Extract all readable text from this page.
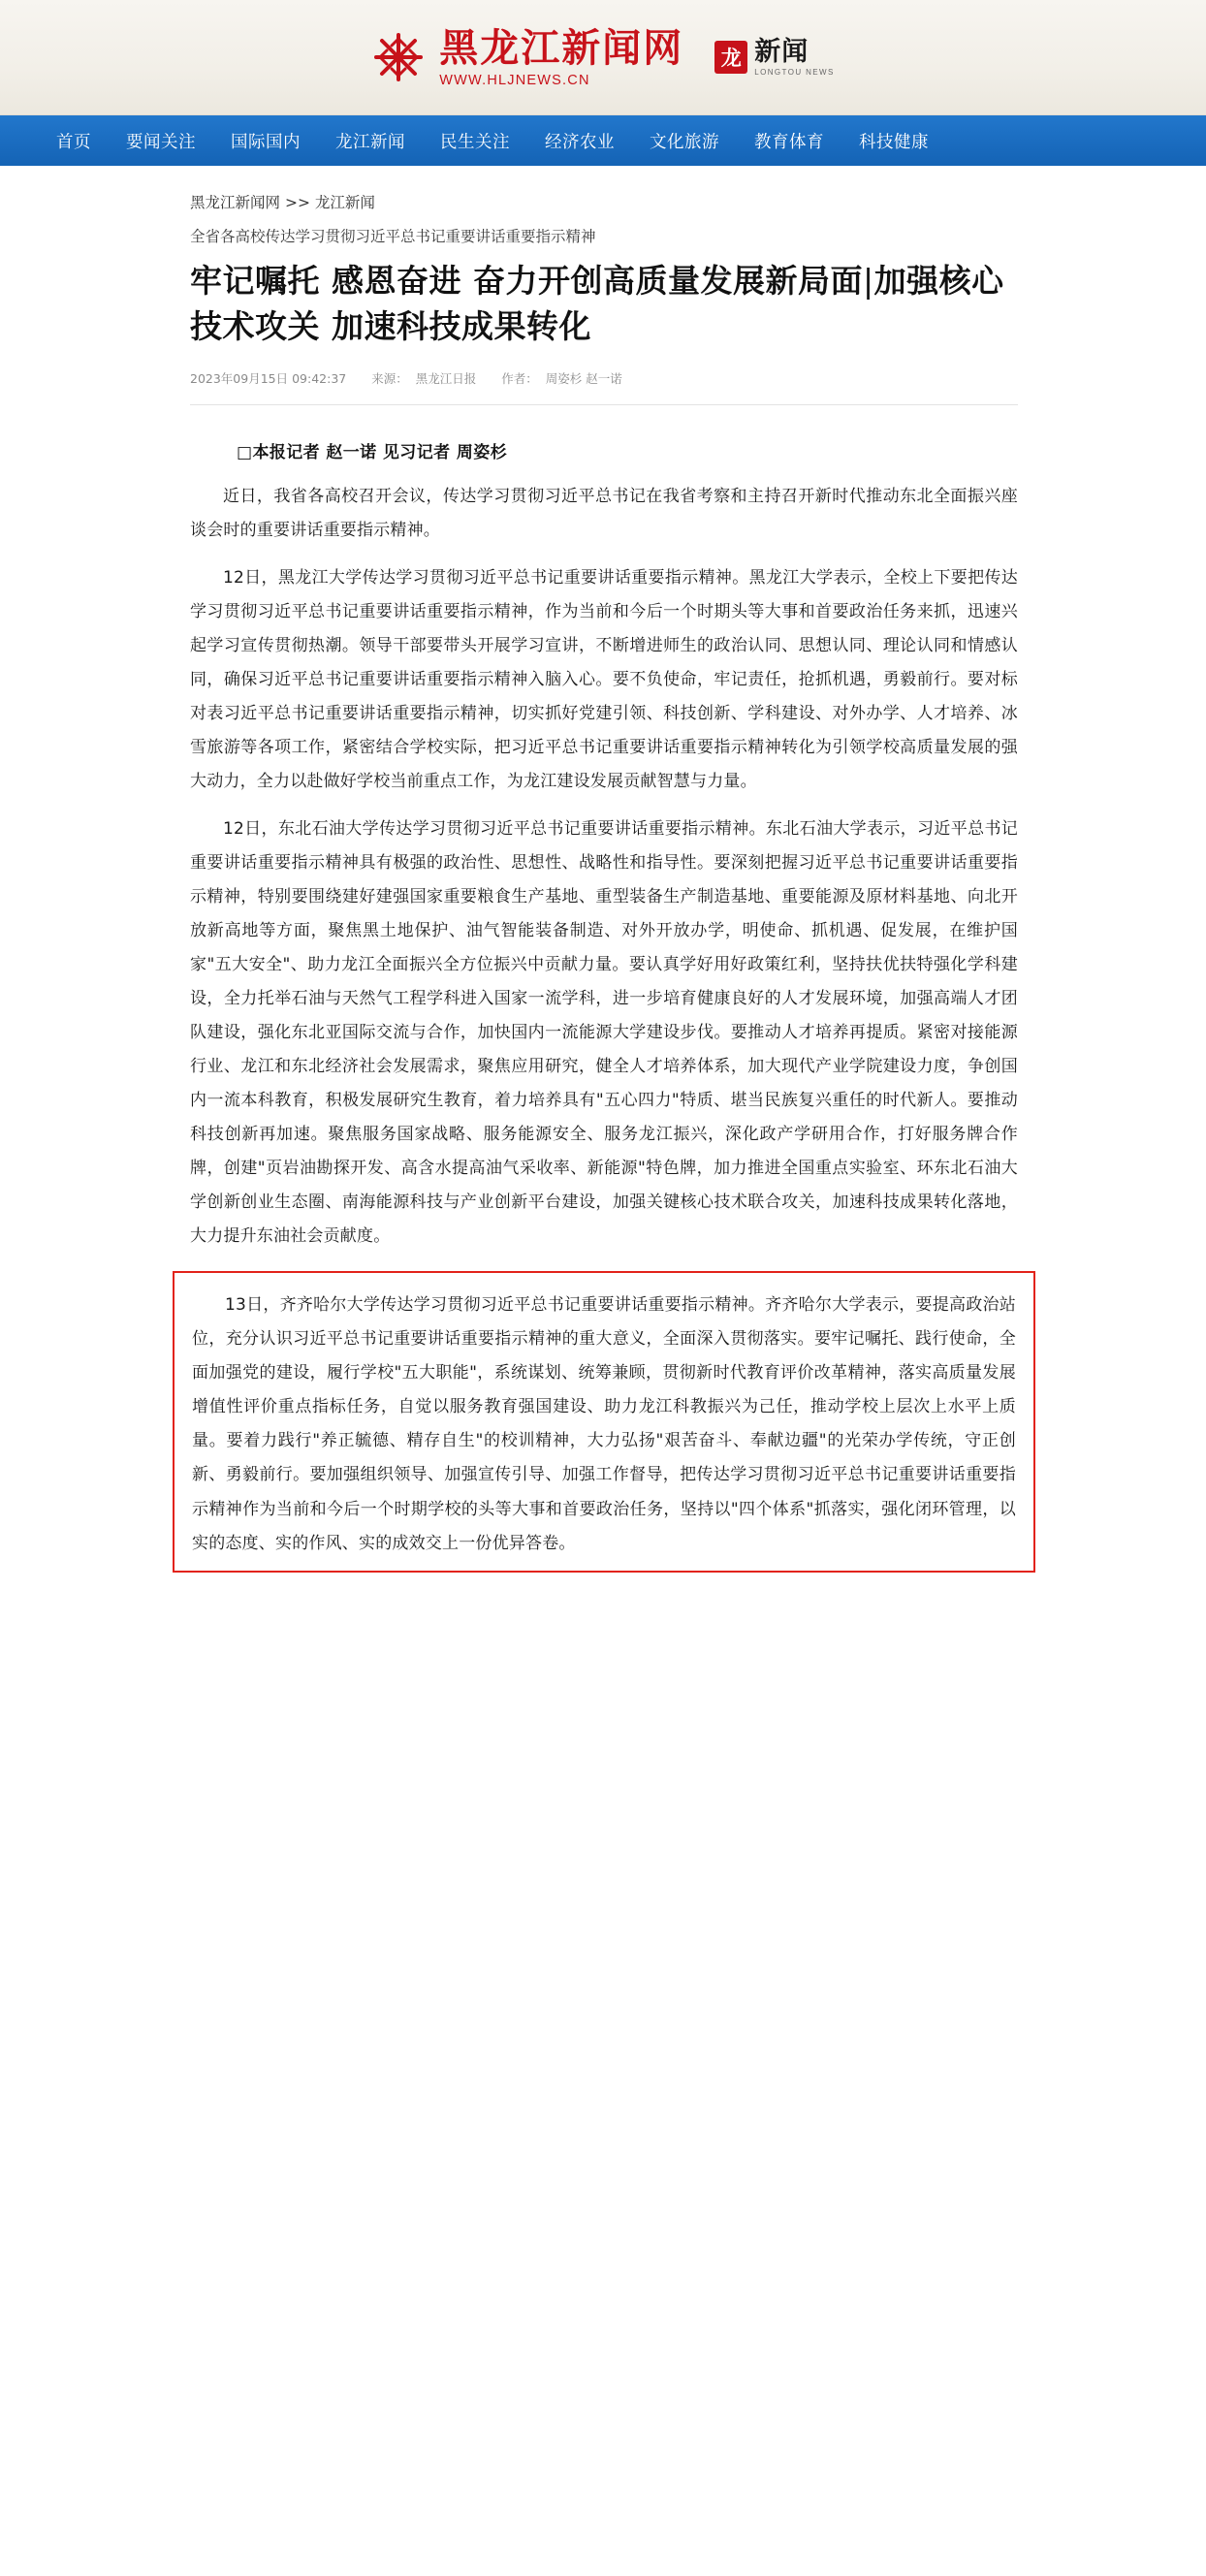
黑龙江新闻网
WWW.HLJNEWS.CN
龙 新闻
LONGTOU NEWS
首页	要闻关注	国际国内	龙江新闻	民生关注	经济农业	文化旅游	教育体育	科技健康
黑龙江新闻网 >> 龙江新闻
全省各高校传达学习贯彻习近平总书记重要讲话重要指示精神
牢记嘱托 感恩奋进 奋力开创高质量发展新局面|加强核心技术攻关 加速科技成果转化
2023年09月15日 09:42:37 来源： 黑龙江日报 作者： 周姿杉 赵一诺
□本报记者 赵一诺 见习记者 周姿杉

近日，我省各高校召开会议，传达学习贯彻习近平总书记在我省考察和主持召开新时代推动东北全面振兴座谈会时的重要讲话重要指示精神。

12日，黑龙江大学传达学习贯彻习近平总书记重要讲话重要指示精神。黑龙江大学表示，全校上下要把传达学习贯彻习近平总书记重要讲话重要指示精神，作为当前和今后一个时期头等大事和首要政治任务来抓，迅速兴起学习宣传贯彻热潮。领导干部要带头开展学习宣讲，不断增进师生的政治认同、思想认同、理论认同和情感认同，确保习近平总书记重要讲话重要指示精神入脑入心。要不负使命，牢记责任，抢抓机遇，勇毅前行。要对标对表习近平总书记重要讲话重要指示精神，切实抓好党建引领、科技创新、学科建设、对外办学、人才培养、冰雪旅游等各项工作，紧密结合学校实际，把习近平总书记重要讲话重要指示精神转化为引领学校高质量发展的强大动力，全力以赴做好学校当前重点工作，为龙江建设发展贡献智慧与力量。

12日，东北石油大学传达学习贯彻习近平总书记重要讲话重要指示精神。东北石油大学表示，习近平总书记重要讲话重要指示精神具有极强的政治性、思想性、战略性和指导性。要深刻把握习近平总书记重要讲话重要指示精神，特别要围绕建好建强国家重要粮食生产基地、重型装备生产制造基地、重要能源及原材料基地、向北开放新高地等方面，聚焦黑土地保护、油气智能装备制造、对外开放办学，明使命、抓机遇、促发展，在维护国家"五大安全"、助力龙江全面振兴全方位振兴中贡献力量。要认真学好用好政策红利，坚持扶优扶特强化学科建设，全力托举石油与天然气工程学科进入国家一流学科，进一步培育健康良好的人才发展环境，加强高端人才团队建设，强化东北亚国际交流与合作，加快国内一流能源大学建设步伐。要推动人才培养再提质。紧密对接能源行业、龙江和东北经济社会发展需求，聚焦应用研究，健全人才培养体系，加大现代产业学院建设力度，争创国内一流本科教育，积极发展研究生教育，着力培养具有"五心四力"特质、堪当民族复兴重任的时代新人。要推动科技创新再加速。聚焦服务国家战略、服务能源安全、服务龙江振兴，深化政产学研用合作，打好服务牌合作牌，创建"页岩油勘探开发、高含水提高油气采收率、新能源"特色牌，加力推进全国重点实验室、环东北石油大学创新创业生态圈、南海能源科技与产业创新平台建设，加强关键核心技术联合攻关，加速科技成果转化落地，大力提升东油社会贡献度。

13日，齐齐哈尔大学传达学习贯彻习近平总书记重要讲话重要指示精神。齐齐哈尔大学表示，要提高政治站位，充分认识习近平总书记重要讲话重要指示精神的重大意义，全面深入贯彻落实。要牢记嘱托、践行使命，全面加强党的建设，履行学校"五大职能"，系统谋划、统筹兼顾，贯彻新时代教育评价改革精神，落实高质量发展增值性评价重点指标任务，自觉以服务教育强国建设、助力龙江科教振兴为己任，推动学校上层次上水平上质量。要着力践行"养正毓德、精存自生"的校训精神，大力弘扬"艰苦奋斗、奉献边疆"的光荣办学传统，守正创新、勇毅前行。要加强组织领导、加强宣传引导、加强工作督导，把传达学习贯彻习近平总书记重要讲话重要指示精神作为当前和今后一个时期学校的头等大事和首要政治任务，坚持以"四个体系"抓落实，强化闭环管理，以实的态度、实的作风、实的成效交上一份优异答卷。
